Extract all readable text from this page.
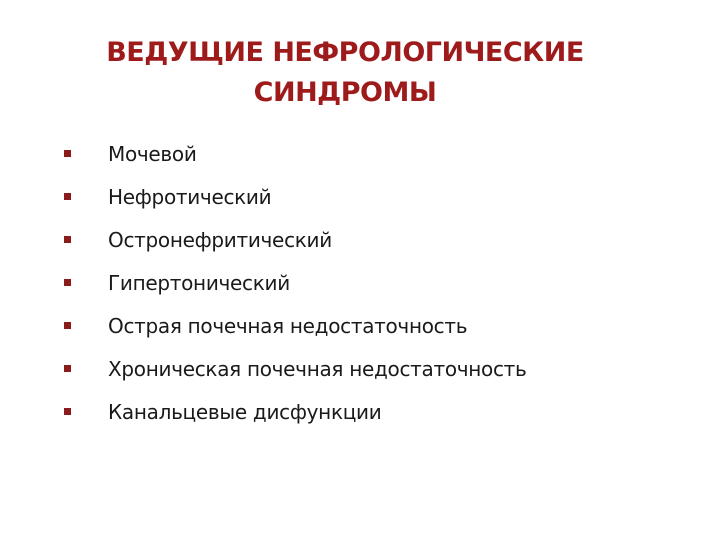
ВЕДУЩИЕ НЕФРОЛОГИЧЕСКИЕ
СИНДРОМЫ
Мочевой
Нефротический
Остронефритический
Гипертонический
Острая почечная недостаточность
Хроническая почечная недостаточность
Канальцевые дисфункции
